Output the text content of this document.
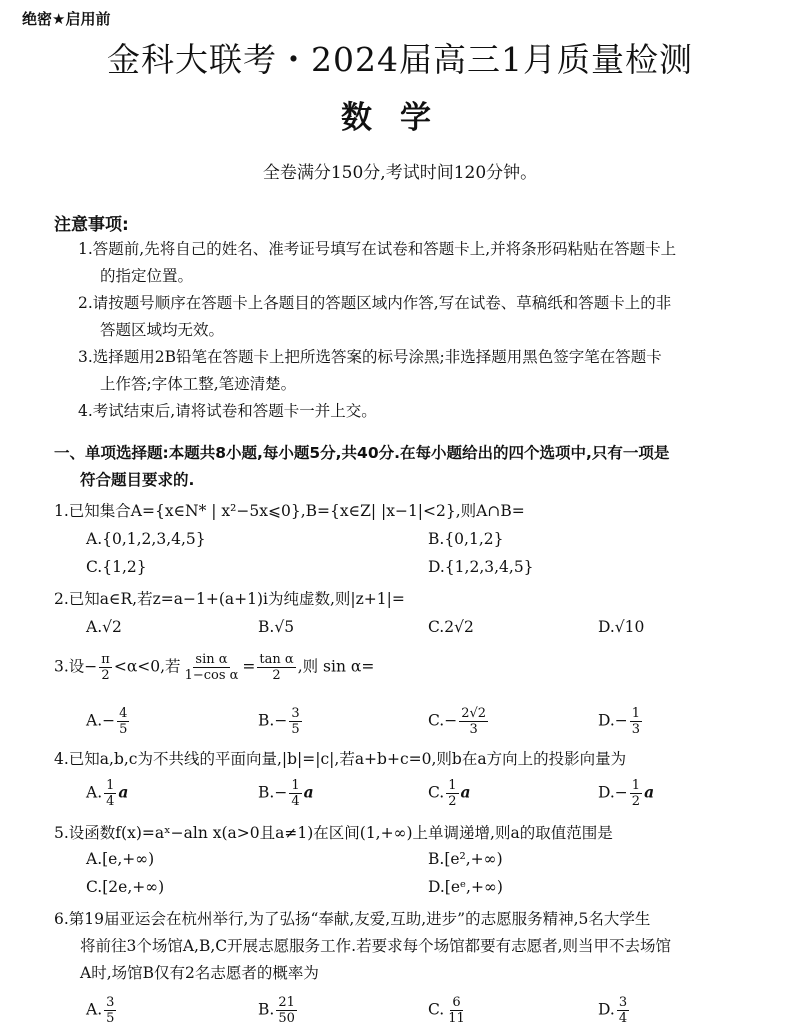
绝密★启用前
金科大联考・2024届高三1月质量检测
数学
全卷满分150分,考试时间120分钟。
注意事项:
1.答题前,先将自己的姓名、准考证号填写在试卷和答题卡上,并将条形码粘贴在答题卡上
的指定位置。
2.请按题号顺序在答题卡上各题目的答题区域内作答,写在试卷、草稿纸和答题卡上的非
答题区域均无效。
3.选择题用2B铅笔在答题卡上把所选答案的标号涂黑;非选择题用黑色签字笔在答题卡
上作答;字体工整,笔迹清楚。
4.考试结束后,请将试卷和答题卡一并上交。
一、单项选择题:本题共8小题,每小题5分,共40分.在每小题给出的四个选项中,只有一项是
符合题目要求的.
1.已知集合A={x∈N* | x²−5x⩽0},B={x∈Z| |x−1|<2},则A∩B=
A.{0,1,2,3,4,5}	B.{0,1,2}
C.{1,2}	D.{1,2,3,4,5}
2.已知a∈R,若z=a−1+(a+1)i为纯虚数,则|z+1|=
A.√2	B.√5	C.2√2	D.√10
3.设− $\frac{\pi}{2} <\alpha<0$,若 $\frac{\text{sin α}}{\text{1−cos α}} = \frac{\text{tan α}}{2}$ ,则 sin α=
$A.- \frac{4}{5}$	$B.- \frac{3}{5}$	$C.- \frac{2√2}{3}$	$D.- \frac{1}{3}$
4.已知a,b,c为不共线的平面向量,|b|=|c|,若a+b+c=0,则b在a方向上的投影向量为
A. $\frac{1}{4}$ a	$B.- \frac{1}{4}$ a	C. $\frac{1}{2}$ a	$D.- \frac{1}{2}$ a
5.设函数f(x)=aˣ−aln x(a>0且a≠1)在区间(1,+∞)上单调递增,则a的取值范围是
A.[e,+∞)	B.[e²,+∞)
C.[2e,+∞)	D.[eᵉ,+∞)
6.第19届亚运会在杭州举行,为了弘扬“奉献,友爱,互助,进步”的志愿服务精神,5名大学生
将前往3个场馆A,B,C开展志愿服务工作.若要求每个场馆都要有志愿者,则当甲不去场馆
A时,场馆B仅有2名志愿者的概率为
A. $\frac{3}{5}$	B. $\frac{21}{50}$	C. $\frac{6}{11}$	D. $\frac{3}{4}$
